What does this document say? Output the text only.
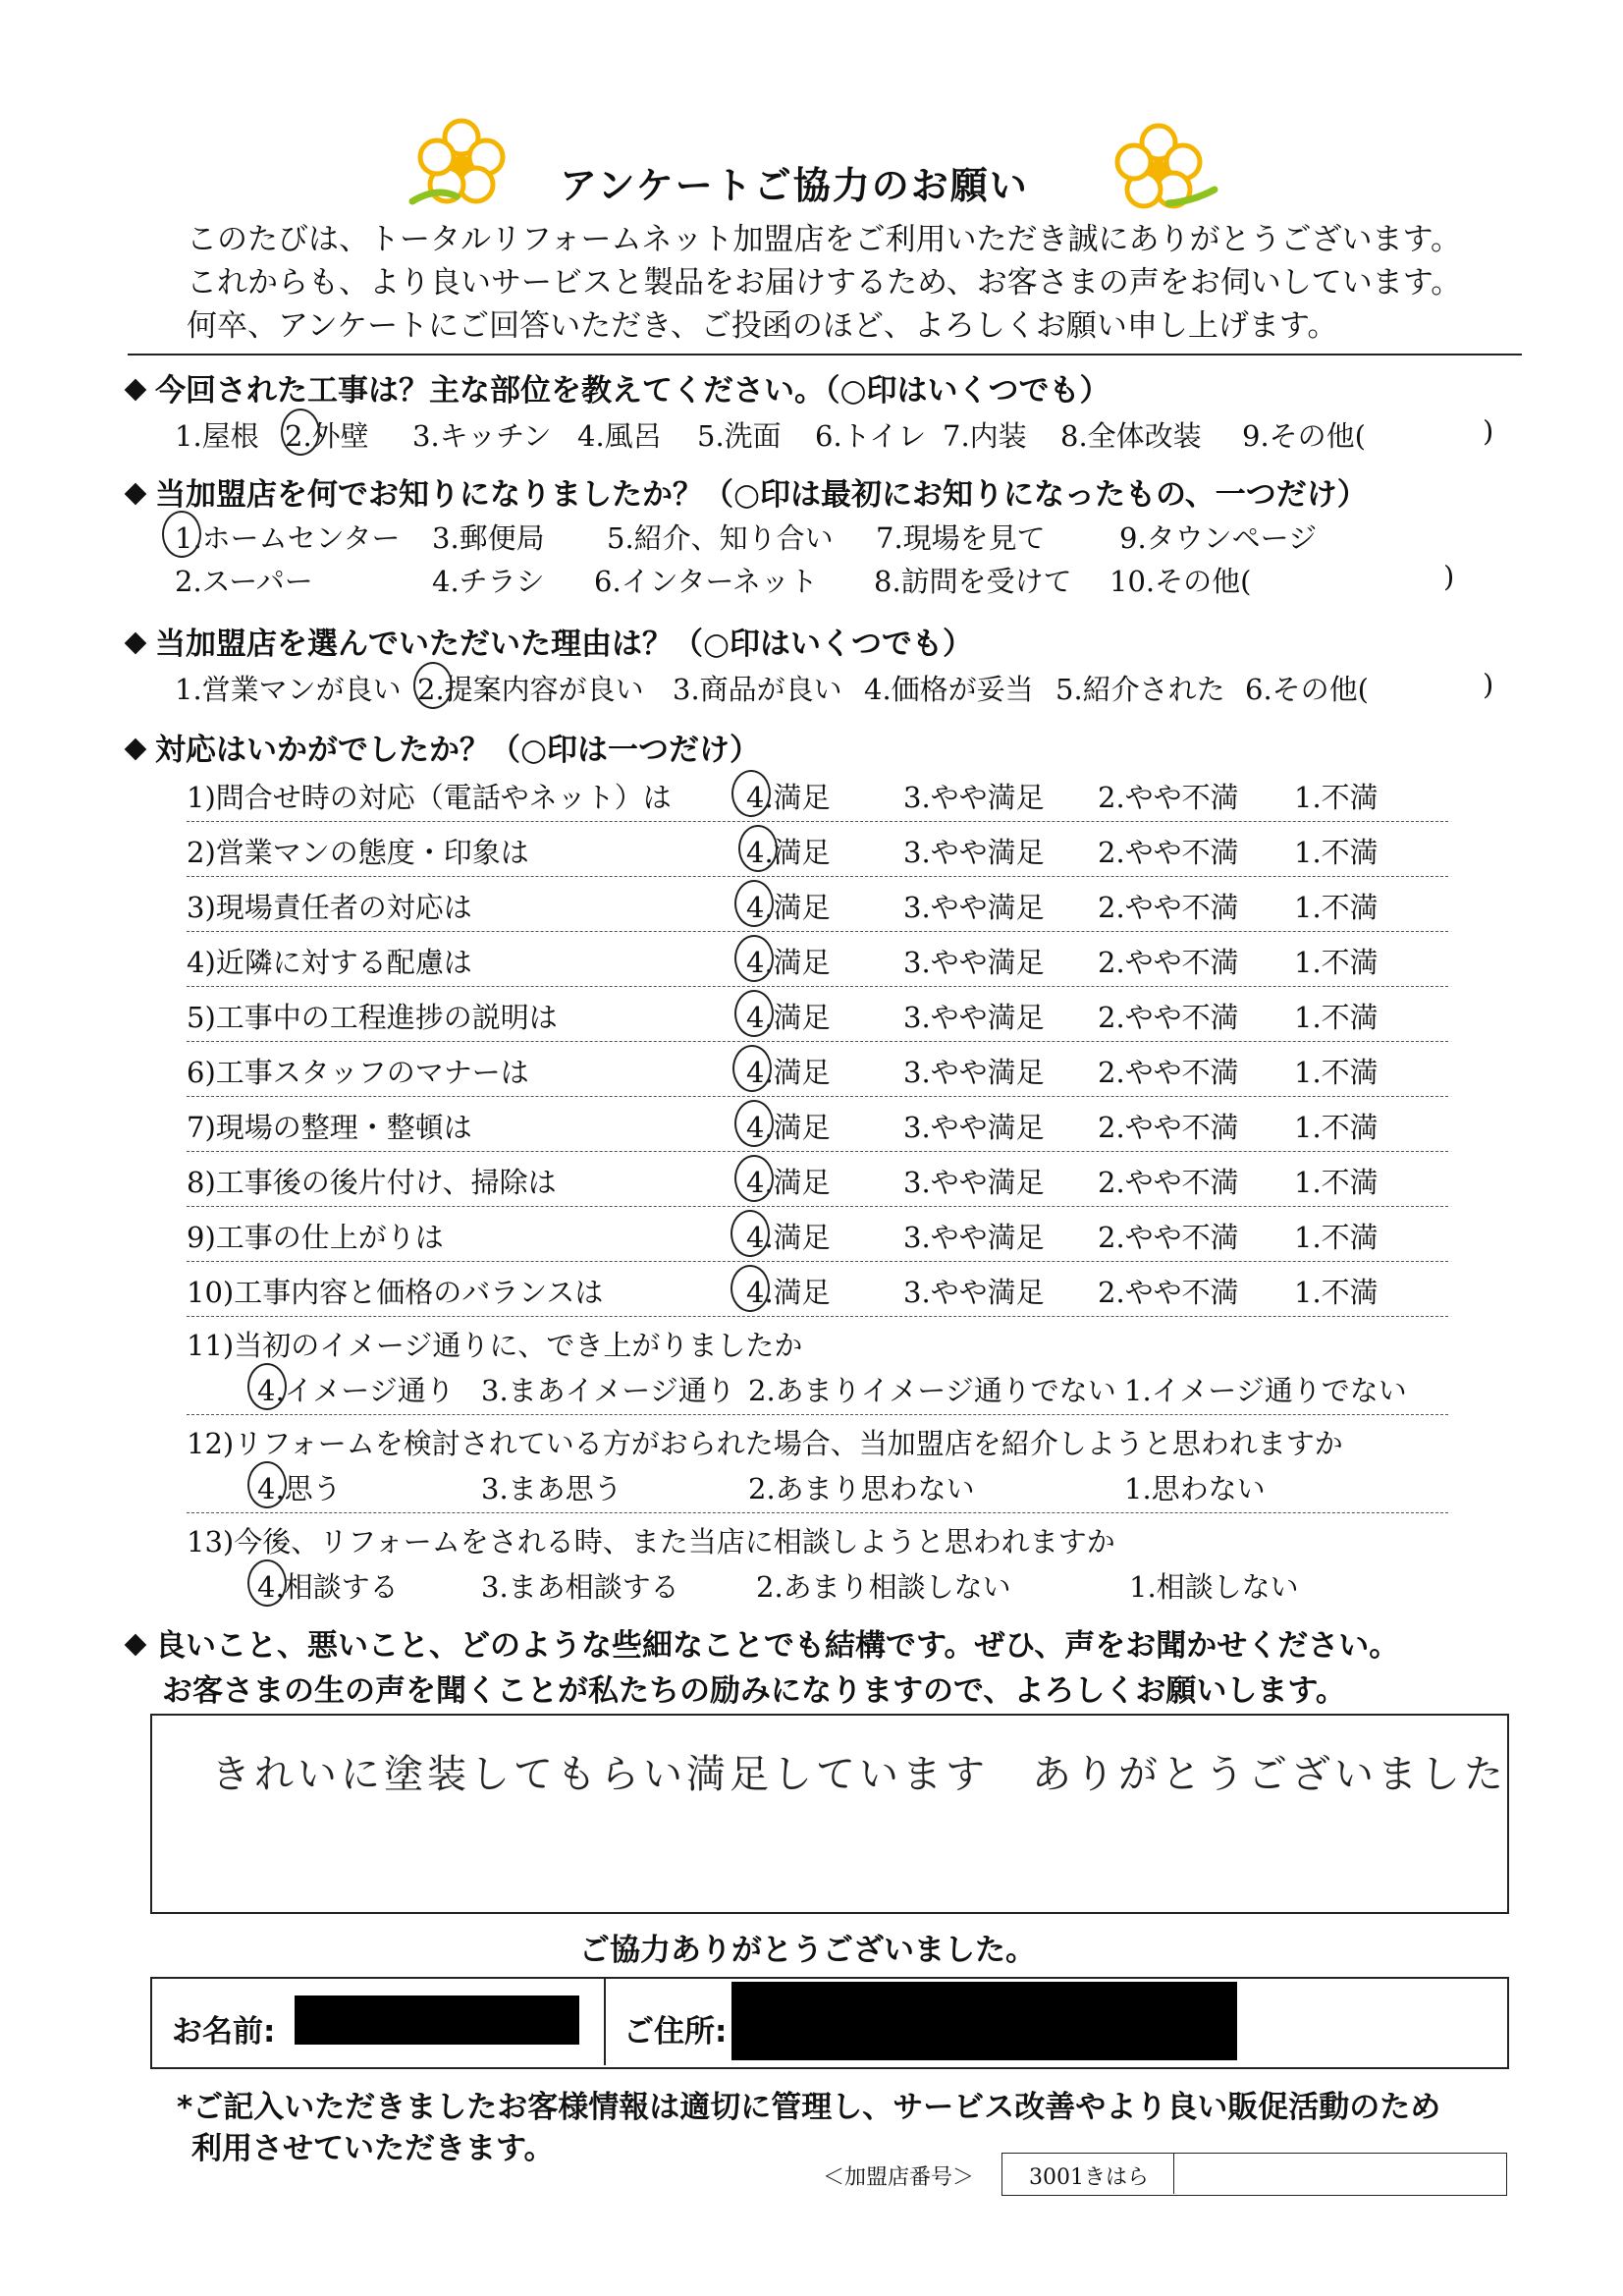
アンケートご協力のお願い
このたびは、トータルリフォームネット加盟店をご利用いただき誠にありがとうございます。
これからも、より良いサービスと製品をお届けするため、お客さまの声をお伺いしています。
何卒、アンケートにご回答いただき、ご投函のほど、よろしくお願い申し上げます。
今回された工事は？主な部位を教えてください。（○印はいくつでも）
1.屋根 2.外壁 3.キッチン 4.風呂 5.洗面 6.トイレ 7.内装 8.全体改装 9.その他(	)
当加盟店を何でお知りになりましたか？（○印は最初にお知りになったもの、一つだけ）
1.ホームセンター 3.郵便局 5.紹介、知り合い 7.現場を見て	9.タウンページ
2.スーパー	4.チラシ 6.インターネット 8.訪問を受けて 10.その他(	)
当加盟店を選んでいただいた理由は？（○印はいくつでも）
1.営業マンが良い 2.提案内容が良い 3.商品が良い 4.価格が妥当 5.紹介された 6.その他(	)
対応はいかがでしたか？（○印は一つだけ）
1)問合せ時の対応（電話やネット）は	4.満足	3.やや満足 2.やや不満 1.不満
2)営業マンの態度・印象は	4.満足	3.やや満足 2.やや不満 1.不満
3)現場責任者の対応は	4.満足	3.やや満足 2.やや不満 1.不満
4)近隣に対する配慮は	4.満足	3.やや満足 2.やや不満 1.不満
5)工事中の工程進捗の説明は	4.満足	3.やや満足 2.やや不満 1.不満
6)工事スタッフのマナーは	4.満足	3.やや満足 2.やや不満 1.不満
7)現場の整理・整頓は	4.満足	3.やや満足 2.やや不満 1.不満
8)工事後の後片付け、掃除は	4.満足	3.やや満足 2.やや不満 1.不満
9)工事の仕上がりは	4.満足	3.やや満足 2.やや不満 1.不満
10)工事内容と価格のバランスは	4.満足	3.やや満足 2.やや不満 1.不満
11)当初のイメージ通りに、でき上がりましたか
4.イメージ通り 3.まあイメージ通り 2.あまりイメージ通りでない 1.イメージ通りでない
12)リフォームを検討されている方がおられた場合、当加盟店を紹介しようと思われますか
4.思う	3.まあ思う	2.あまり思わない	1.思わない
13)今後、リフォームをされる時、また当店に相談しようと思われますか
4.相談する	3.まあ相談する	2.あまり相談しない	1.相談しない
良いこと、悪いこと、どのような些細なことでも結構です。ぜひ、声をお聞かせください。
お客さまの生の声を聞くことが私たちの励みになりますので、よろしくお願いします。
きれいに塗装してもらい満足しています　ありがとうございました
ご協力ありがとうございました。
お名前:	ご住所:
*ご記入いただきましたお客様情報は適切に管理し、サービス改善やより良い販促活動のため
利用させていただきます。
＜加盟店番号＞	3001きはら
